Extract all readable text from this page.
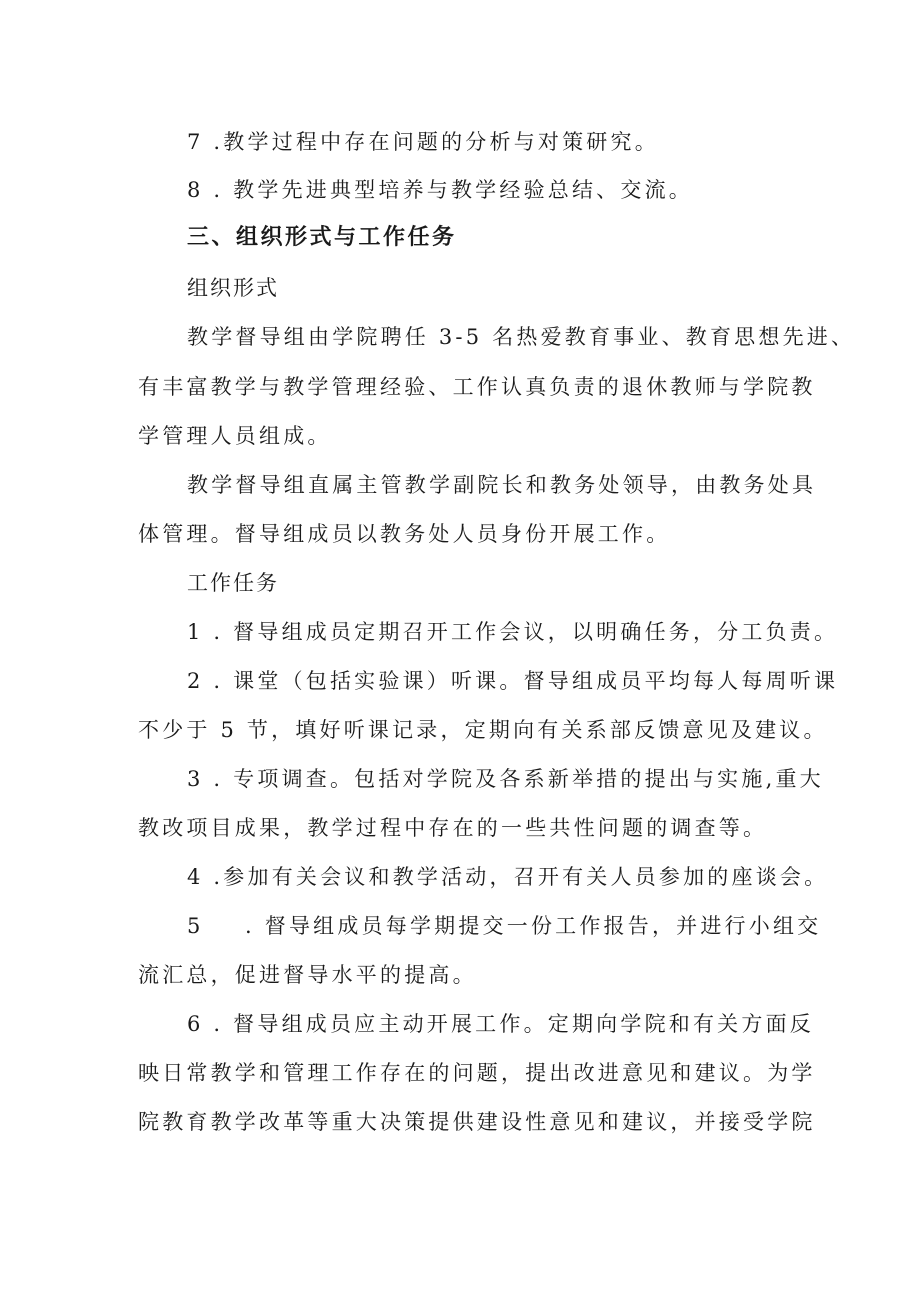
7 .教学过程中存在问题的分析与对策研究。
8 . 教学先进典型培养与教学经验总结、交流。
三、组织形式与工作任务
组织形式
教学督导组由学院聘任 3-5 名热爱教育事业、教育思想先进、
有丰富教学与教学管理经验、工作认真负责的退休教师与学院教
学管理人员组成。
教学督导组直属主管教学副院长和教务处领导，由教务处具
体管理。督导组成员以教务处人员身份开展工作。
工作任务
1 . 督导组成员定期召开工作会议，以明确任务，分工负责。
2 . 课堂（包括实验课）听课。督导组成员平均每人每周听课
不少于 5 节，填好听课记录，定期向有关系部反馈意见及建议。
3 . 专项调查。包括对学院及各系新举措的提出与实施,重大
教改项目成果，教学过程中存在的一些共性问题的调查等。
4 .参加有关会议和教学活动，召开有关人员参加的座谈会。
5 . 督导组成员每学期提交一份工作报告，并进行小组交
流汇总，促进督导水平的提高。
6 . 督导组成员应主动开展工作。定期向学院和有关方面反
映日常教学和管理工作存在的问题，提出改进意见和建议。为学
院教育教学改革等重大决策提供建设性意见和建议，并接受学院
